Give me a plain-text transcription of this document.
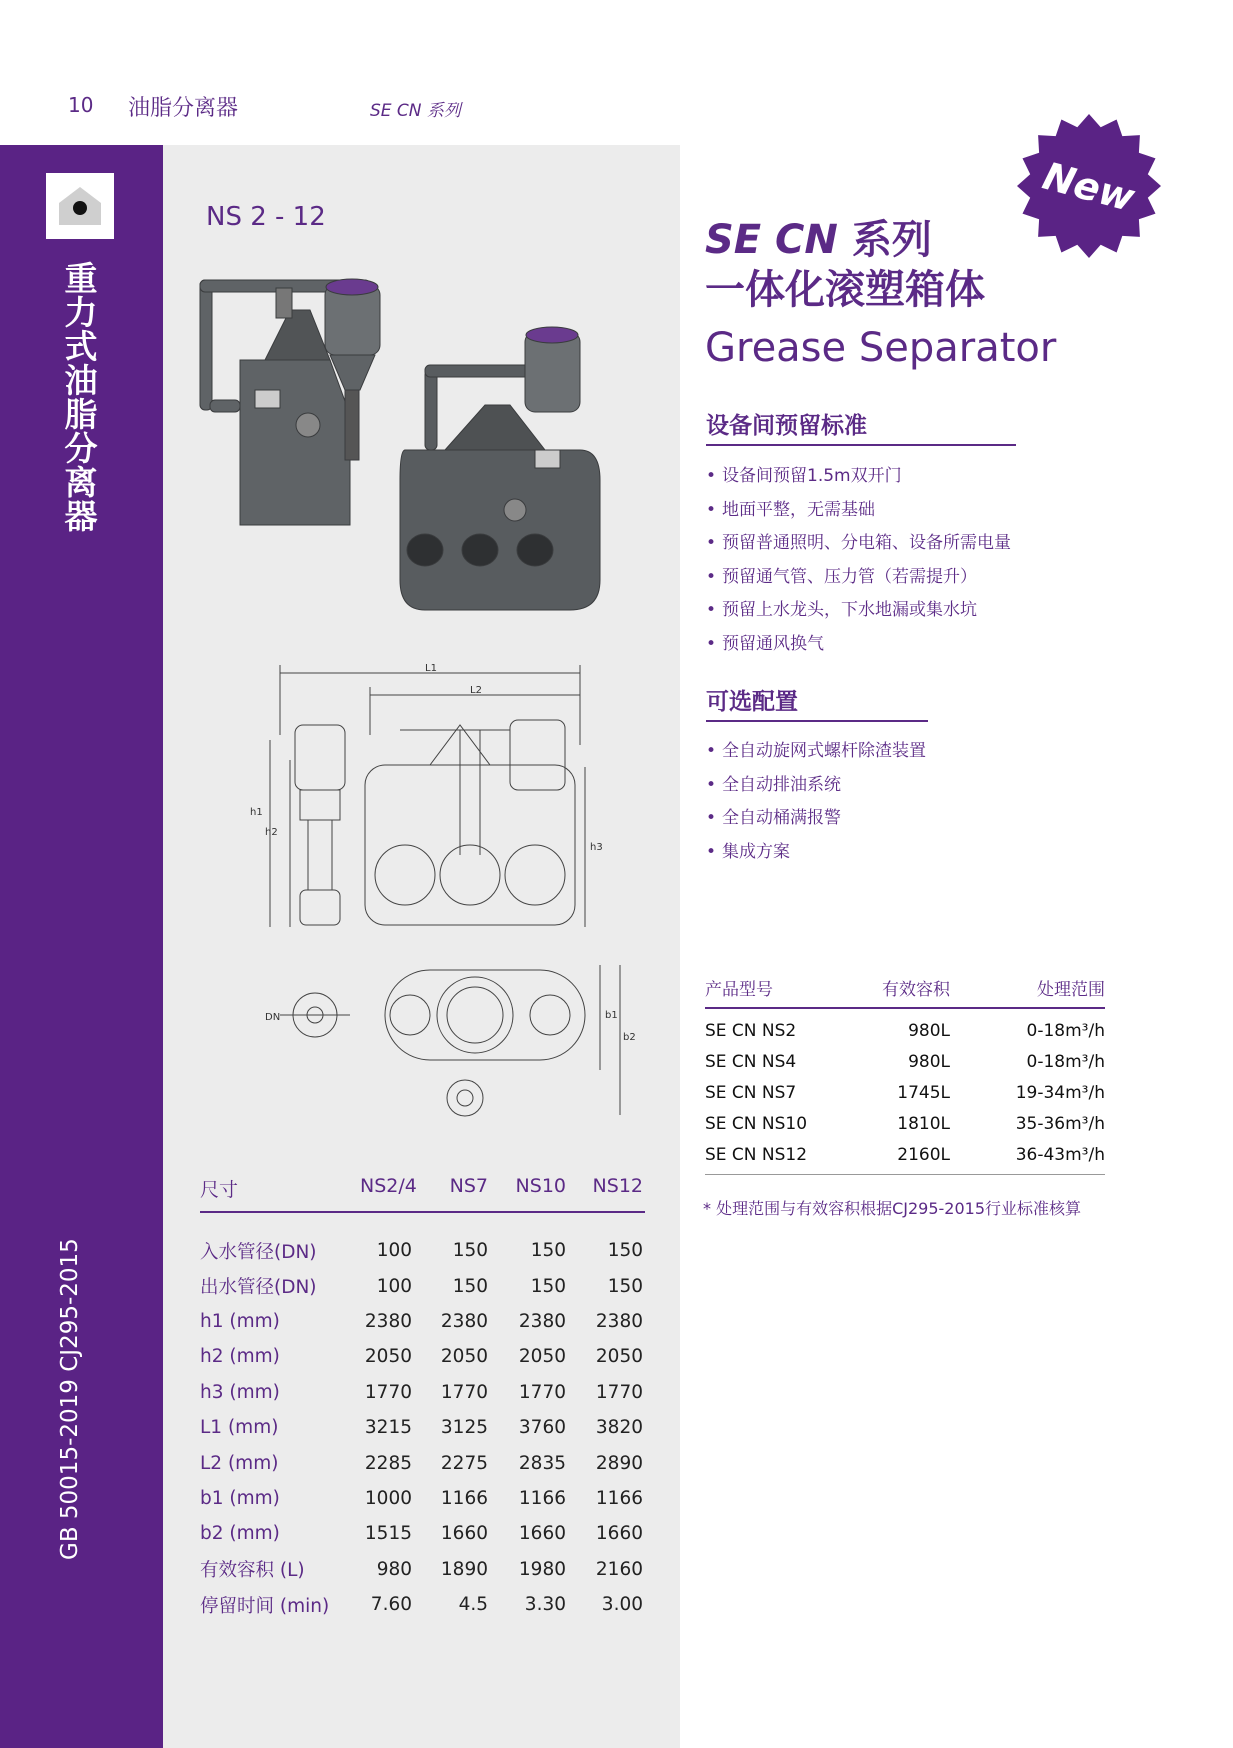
10 油脂分离器	SE CN 系列
重力式油脂分离器
GB 50015-2019 CJ295-2015
NS 2 - 12
L1
L2
h1
h2
h3
DN	b1
b2
尺寸	NS2/4	NS7	NS10	NS12
入水管径(DN)	100	150	150	150
出水管径(DN)	100	150	150	150
h1 (mm)	2380	2380	2380	2380
h2 (mm)	2050	2050	2050	2050
h3 (mm)	1770	1770	1770	1770
L1 (mm)	3215	3125	3760	3820
L2 (mm)	2285	2275	2835	2890
b1 (mm)	1000	1166	1166	1166
b2 (mm)	1515	1660	1660	1660
有效容积 (L)	980	1890	1980	2160
停留时间 (min)	7.60	4.5	3.30	3.00
New
SE CN 系列
一体化滚塑箱体
Grease Separator
设备间预留标准
• 设备间预留1.5m双开门
• 地面平整，无需基础
• 预留普通照明、分电箱、设备所需电量
• 预留通气管、压力管（若需提升）
• 预留上水龙头，下水地漏或集水坑
• 预留通风换气
可选配置
• 全自动旋网式螺杆除渣装置
• 全自动排油系统
• 全自动桶满报警
• 集成方案
产品型号	有效容积	处理范围
SE CN NS2	980L	0-18m³/h
SE CN NS4	980L	0-18m³/h
SE CN NS7	1745L	19-34m³/h
SE CN NS10	1810L	35-36m³/h
SE CN NS12	2160L	36-43m³/h
* 处理范围与有效容积根据CJ295-2015行业标准核算
